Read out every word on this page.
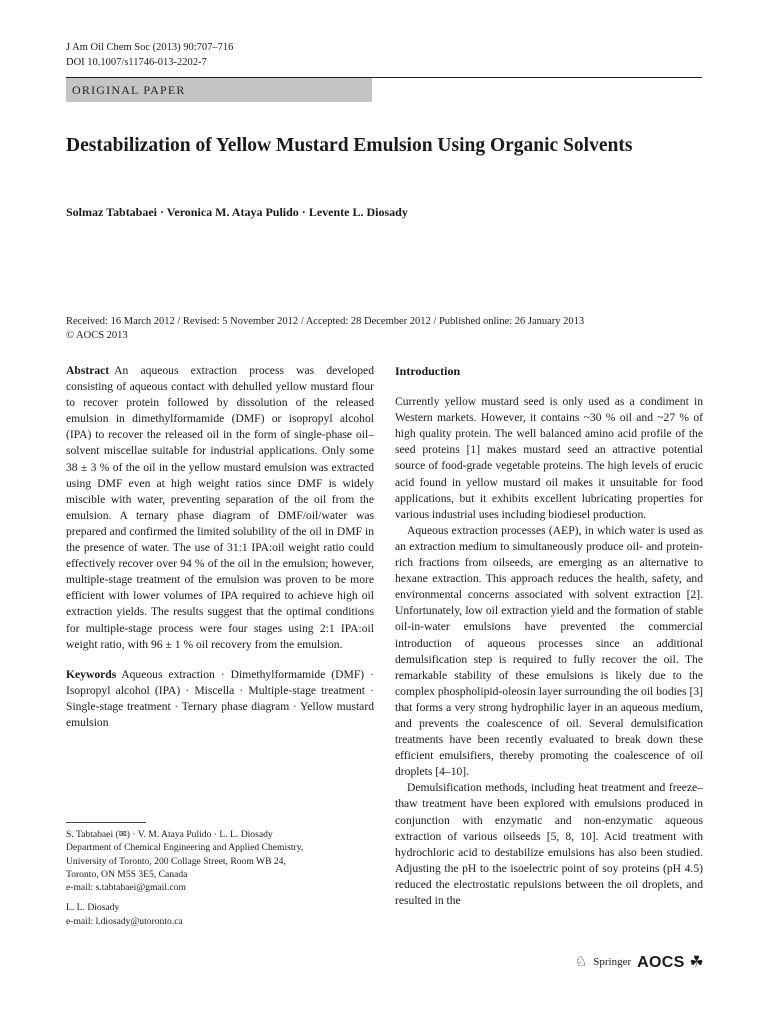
J Am Oil Chem Soc (2013) 90:707–716
DOI 10.1007/s11746-013-2202-7
ORIGINAL PAPER
Destabilization of Yellow Mustard Emulsion Using Organic Solvents
Solmaz Tabtabaei · Veronica M. Ataya Pulido · Levente L. Diosady
Received: 16 March 2012 / Revised: 5 November 2012 / Accepted: 28 December 2012 / Published online: 26 January 2013
© AOCS 2013

Abstract An aqueous extraction process was developed consisting of aqueous contact with dehulled yellow mustard flour to recover protein followed by dissolution of the released emulsion in dimethylformamide (DMF) or isopropyl alcohol (IPA) to recover the released oil in the form of single-phase oil–solvent miscellae suitable for industrial applications. Only some 38 ± 3 % of the oil in the yellow mustard emulsion was extracted using DMF even at high weight ratios since DMF is widely miscible with water, preventing separation of the oil from the emulsion. A ternary phase diagram of DMF/oil/water was prepared and confirmed the limited solubility of the oil in DMF in the presence of water. The use of 31:1 IPA:oil weight ratio could effectively recover over 94 % of the oil in the emulsion; however, multiple-stage treatment of the emulsion was proven to be more efficient with lower volumes of IPA required to achieve high oil extraction yields. The results suggest that the optimal conditions for multiple-stage process were four stages using 2:1 IPA:oil weight ratio, with 96 ± 1 % oil recovery from the emulsion.

Keywords Aqueous extraction · Dimethylformamide (DMF) · Isopropyl alcohol (IPA) · Miscella · Multiple-stage treatment · Single-stage treatment · Ternary phase diagram · Yellow mustard emulsion

S. Tabtabaei (✉) · V. M. Ataya Pulido · L. L. Diosady
Department of Chemical Engineering and Applied Chemistry,
University of Toronto, 200 Collage Street, Room WB 24,
Toronto, ON M5S 3E5, Canada
e-mail: s.tabtabaei@gmail.com

L. L. Diosady
e-mail: l.diosady@utoronto.ca

Introduction

Currently yellow mustard seed is only used as a condiment in Western markets. However, it contains ~30 % oil and ~27 % of high quality protein. The well balanced amino acid profile of the seed proteins [1] makes mustard seed an attractive potential source of food-grade vegetable proteins. The high levels of erucic acid found in yellow mustard oil makes it unsuitable for food applications, but it exhibits excellent lubricating properties for various industrial uses including biodiesel production.

Aqueous extraction processes (AEP), in which water is used as an extraction medium to simultaneously produce oil- and protein-rich fractions from oilseeds, are emerging as an alternative to hexane extraction. This approach reduces the health, safety, and environmental concerns associated with solvent extraction [2]. Unfortunately, low oil extraction yield and the formation of stable oil-in-water emulsions have prevented the commercial introduction of aqueous processes since an additional demulsification step is required to fully recover the oil. The remarkable stability of these emulsions is likely due to the complex phospholipid-oleosin layer surrounding the oil bodies [3] that forms a very strong hydrophilic layer in an aqueous medium, and prevents the coalescence of oil. Several demulsification treatments have been recently evaluated to break down these efficient emulsifiers, thereby promoting the coalescence of oil droplets [4–10].

Demulsification methods, including heat treatment and freeze–thaw treatment have been explored with emulsions produced in conjunction with enzymatic and non-enzymatic aqueous extraction of various oilseeds [5, 8, 10]. Acid treatment with hydrochloric acid to destabilize emulsions has also been studied. Adjusting the pH to the isoelectric point of soy proteins (pH 4.5) reduced the electrostatic repulsions between the oil droplets, and resulted in the

♘ Springer AOCS ☘
